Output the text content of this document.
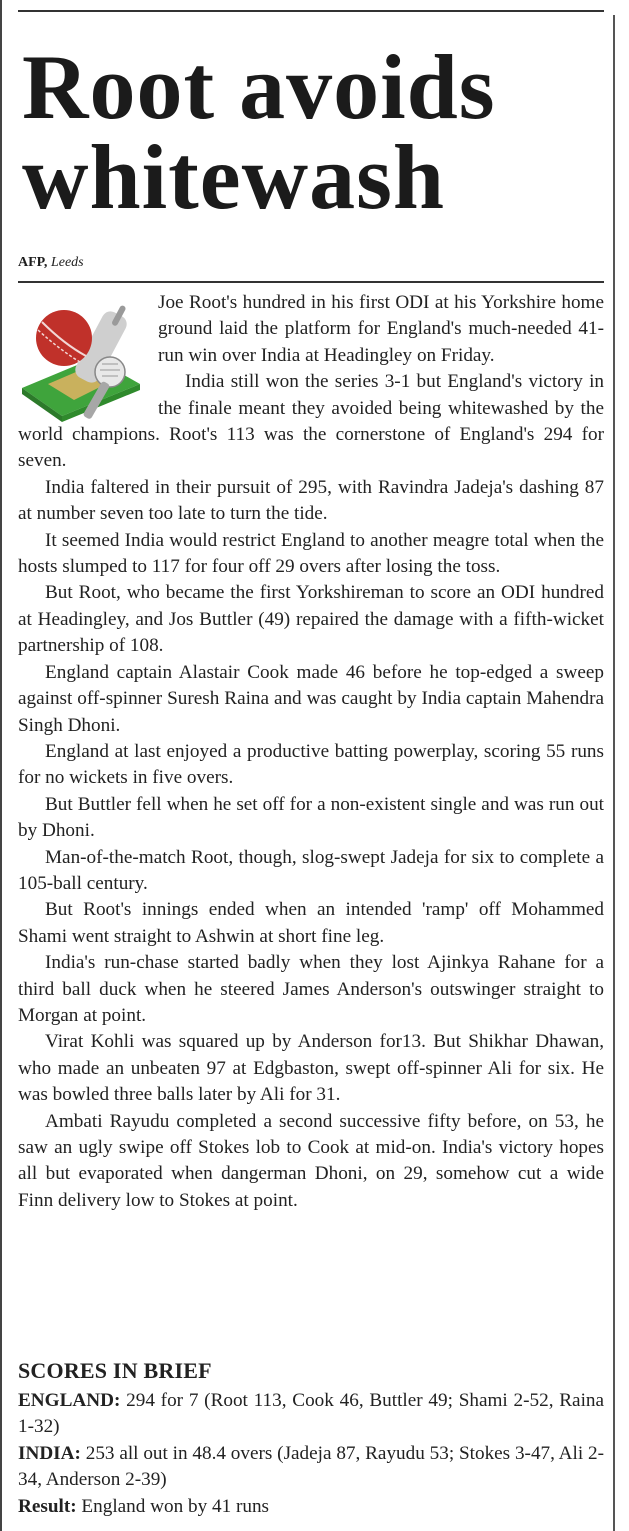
Root avoids whitewash
AFP, Leeds

Joe Root's hundred in his first ODI at his Yorkshire home ground laid the platform for England's much-needed 41-run win over India at Headingley on Friday.

India still won the series 3-1 but England's victory in the finale meant they avoided being whitewashed by the world champions. Root's 113 was the cornerstone of England's 294 for seven.

India faltered in their pursuit of 295, with Ravindra Jadeja's dashing 87 at number seven too late to turn the tide.

It seemed India would restrict England to another meagre total when the hosts slumped to 117 for four off 29 overs after losing the toss.

But Root, who became the first Yorkshireman to score an ODI hundred at Headingley, and Jos Buttler (49) repaired the damage with a fifth-wicket partnership of 108.

England captain Alastair Cook made 46 before he top-edged a sweep against off-spinner Suresh Raina and was caught by India captain Mahendra Singh Dhoni.

England at last enjoyed a productive batting powerplay, scoring 55 runs for no wickets in five overs.

But Buttler fell when he set off for a non-existent single and was run out by Dhoni.

Man-of-the-match Root, though, slog-swept Jadeja for six to complete a 105-ball century.

But Root's innings ended when an intended 'ramp' off Mohammed Shami went straight to Ashwin at short fine leg.

India's run-chase started badly when they lost Ajinkya Rahane for a third ball duck when he steered James Anderson's outswinger straight to Morgan at point.

Virat Kohli was squared up by Anderson for13. But Shikhar Dhawan, who made an unbeaten 97 at Edgbaston, swept off-spinner Ali for six. He was bowled three balls later by Ali for 31.

Ambati Rayudu completed a second successive fifty before, on 53, he saw an ugly swipe off Stokes lob to Cook at mid-on. India's victory hopes all but evaporated when dangerman Dhoni, on 29, somehow cut a wide Finn delivery low to Stokes at point.

SCORES IN BRIEF

ENGLAND: 294 for 7 (Root 113, Cook 46, Buttler 49; Shami 2-52, Raina 1-32)

INDIA: 253 all out in 48.4 overs (Jadeja 87, Rayudu 53; Stokes 3-47, Ali 2-34, Anderson 2-39)

Result: England won by 41 runs
